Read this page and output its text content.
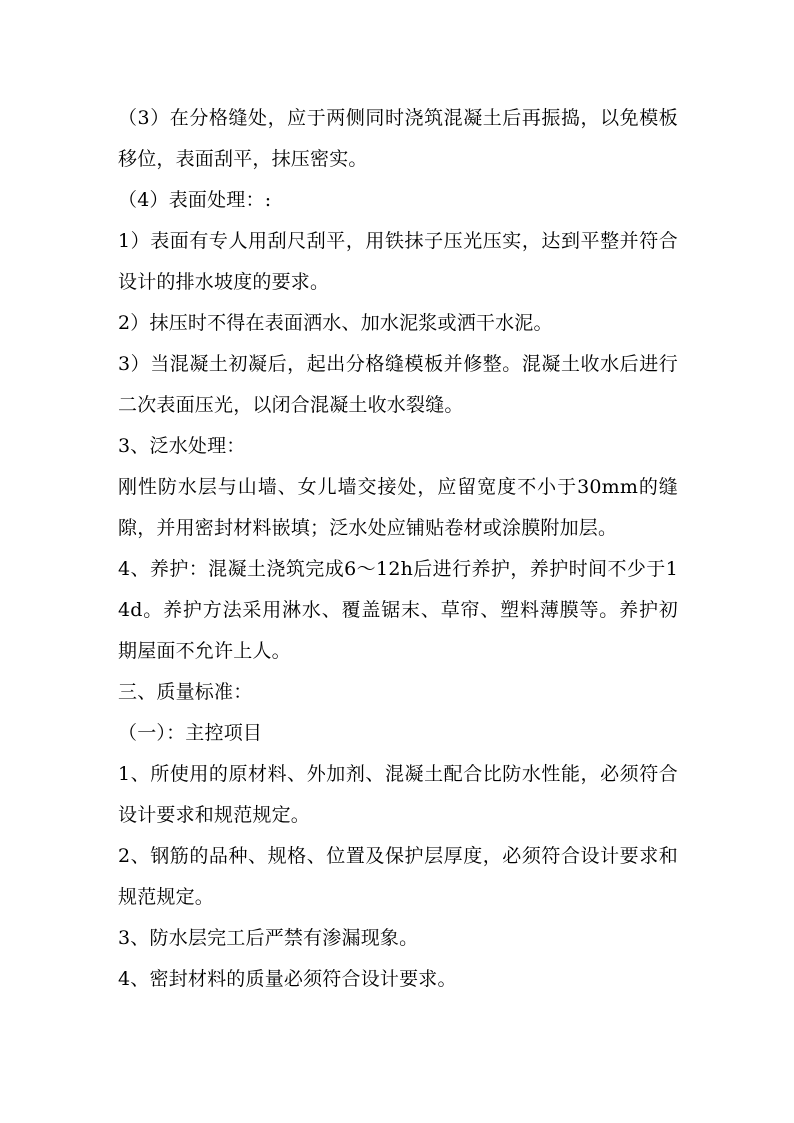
（3）在分格缝处，应于两侧同时浇筑混凝土后再振捣，以免模板移位，表面刮平，抹压密实。

（4）表面处理：:

1）表面有专人用刮尺刮平，用铁抹子压光压实，达到平整并符合设计的排水坡度的要求。

2）抹压时不得在表面洒水、加水泥浆或洒干水泥。

3）当混凝土初凝后，起出分格缝模板并修整。混凝土收水后进行二次表面压光，以闭合混凝土收水裂缝。

3、泛水处理：

刚性防水层与山墙、女儿墙交接处，应留宽度不小于30mm的缝隙，并用密封材料嵌填；泛水处应铺贴卷材或涂膜附加层。

4、养护：混凝土浇筑完成6～12h后进行养护，养护时间不少于14d。养护方法采用淋水、覆盖锯末、草帘、塑料薄膜等。养护初期屋面不允许上人。

三、质量标准：

（一）：主控项目

1、所使用的原材料、外加剂、混凝土配合比防水性能，必须符合设计要求和规范规定。

2、钢筋的品种、规格、位置及保护层厚度，必须符合设计要求和规范规定。

3、防水层完工后严禁有渗漏现象。

4、密封材料的质量必须符合设计要求。
